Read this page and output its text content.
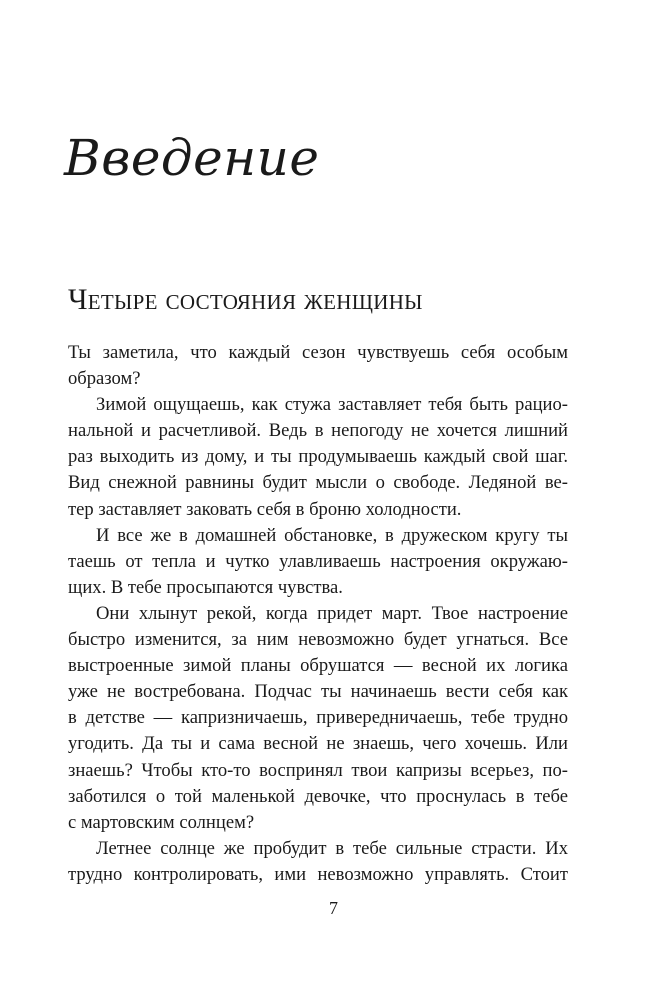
Введение
Четыре состояния женщины
Ты заметила, что каждый сезон чувствуешь себя особым
образом?
Зимой ощущаешь, как стужа заставляет тебя быть рацио-
нальной и расчетливой. Ведь в непогоду не хочется лишний
раз выходить из дому, и ты продумываешь каждый свой шаг.
Вид снежной равнины будит мысли о свободе. Ледяной ве-
тер заставляет заковать себя в броню холодности.
И все же в домашней обстановке, в дружеском кругу ты
таешь от тепла и чутко улавливаешь настроения окружаю-
щих. В тебе просыпаются чувства.
Они хлынут рекой, когда придет март. Твое настроение
быстро изменится, за ним невозможно будет угнаться. Все
выстроенные зимой планы обрушатся — весной их логика
уже не востребована. Подчас ты начинаешь вести себя как
в детстве — капризничаешь, привередничаешь, тебе трудно
угодить. Да ты и сама весной не знаешь, чего хочешь. Или
знаешь? Чтобы кто-то воспринял твои капризы всерьез, по-
заботился о той маленькой девочке, что проснулась в тебе
с мартовским солнцем?
Летнее солнце же пробудит в тебе сильные страсти. Их
трудно контролировать, ими невозможно управлять. Стоит
7
